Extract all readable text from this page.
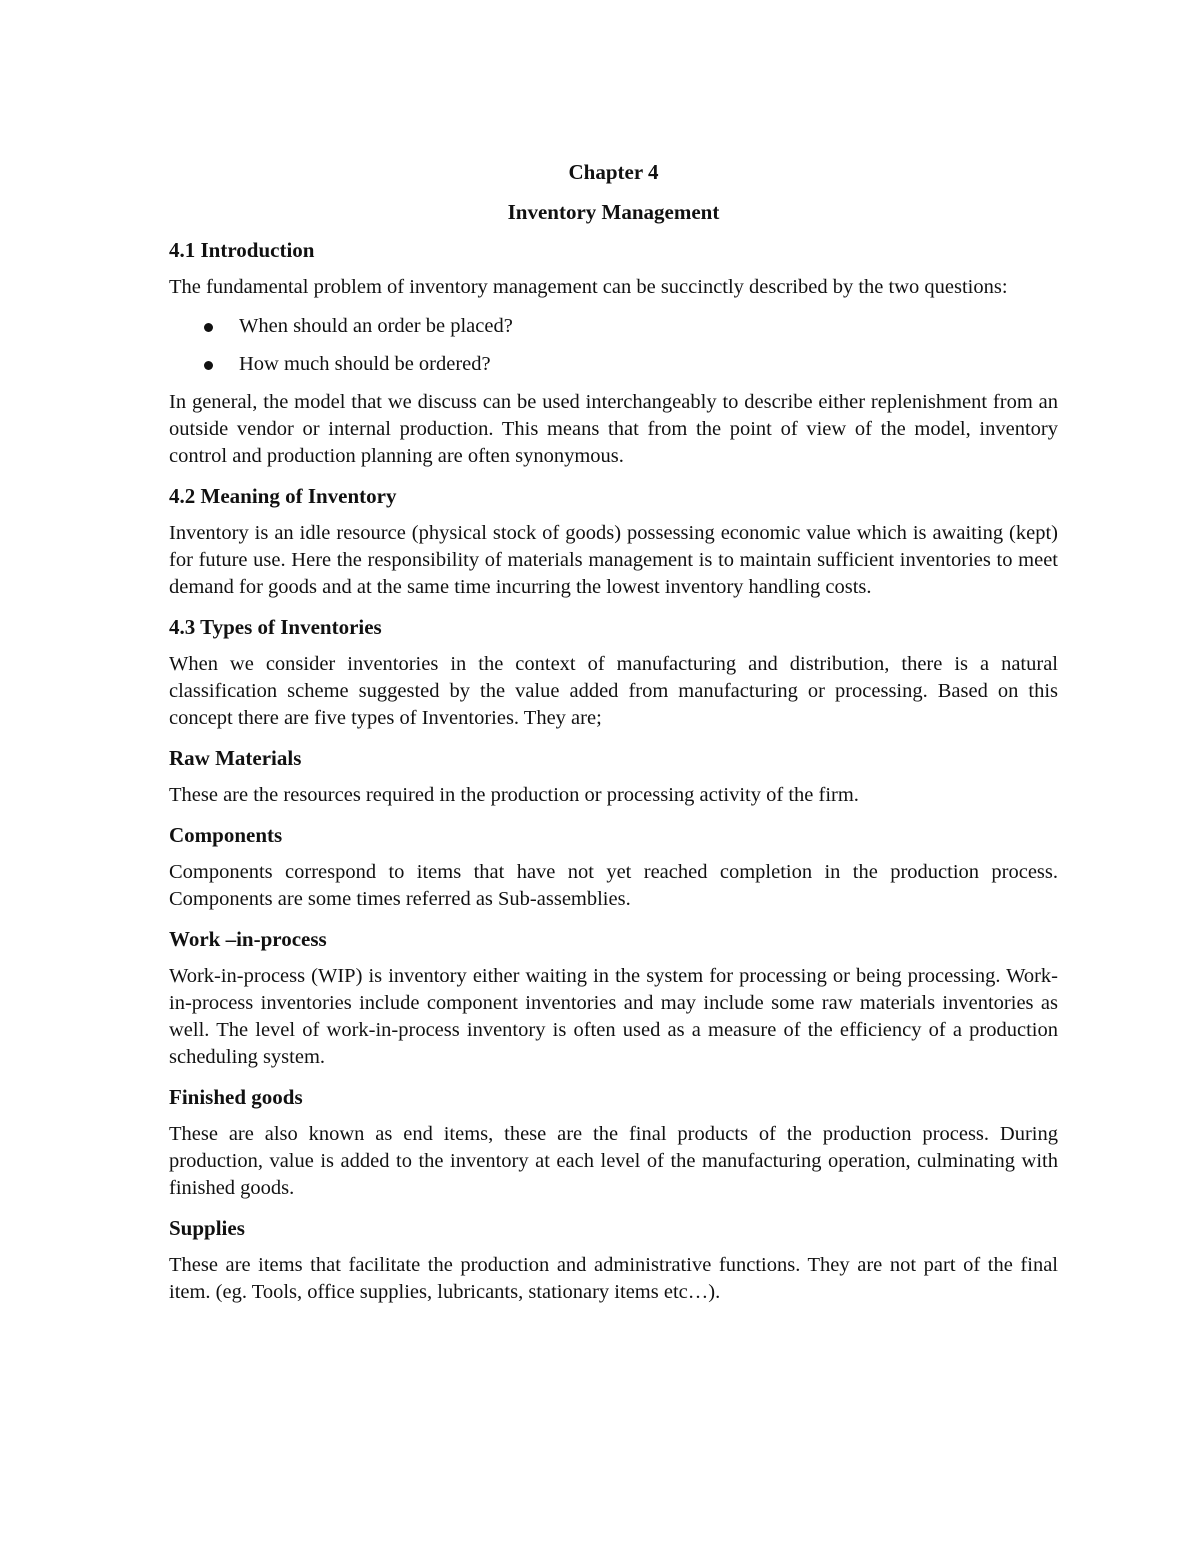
Chapter 4
Inventory Management
4.1 Introduction

The fundamental problem of inventory management can be succinctly described by the two questions:

When should an order be placed?
How much should be ordered?

In general, the model that we discuss can be used interchangeably to describe either replenishment from an outside vendor or internal production. This means that from the point of view of the model, inventory control and production planning are often synonymous.

4.2 Meaning of Inventory

Inventory is an idle resource (physical stock of goods) possessing economic value which is awaiting (kept) for future use. Here the responsibility of materials management is to maintain sufficient inventories to meet demand for goods and at the same time incurring the lowest inventory handling costs.

4.3 Types of Inventories

When we consider inventories in the context of manufacturing and distribution, there is a natural classification scheme suggested by the value added from manufacturing or processing. Based on this concept there are five types of Inventories. They are;

Raw Materials

These are the resources required in the production or processing activity of the firm.

Components

Components correspond to items that have not yet reached completion in the production process. Components are some times referred as Sub-assemblies.

Work –in-process

Work-in-process (WIP) is inventory either waiting in the system for processing or being processing. Work-in-process inventories include component inventories and may include some raw materials inventories as well. The level of work-in-process inventory is often used as a measure of the efficiency of a production scheduling system.

Finished goods

These are also known as end items, these are the final products of the production process. During production, value is added to the inventory at each level of the manufacturing operation, culminating with finished goods.

Supplies

These are items that facilitate the production and administrative functions. They are not part of the final item. (eg. Tools, office supplies, lubricants, stationary items etc…).
